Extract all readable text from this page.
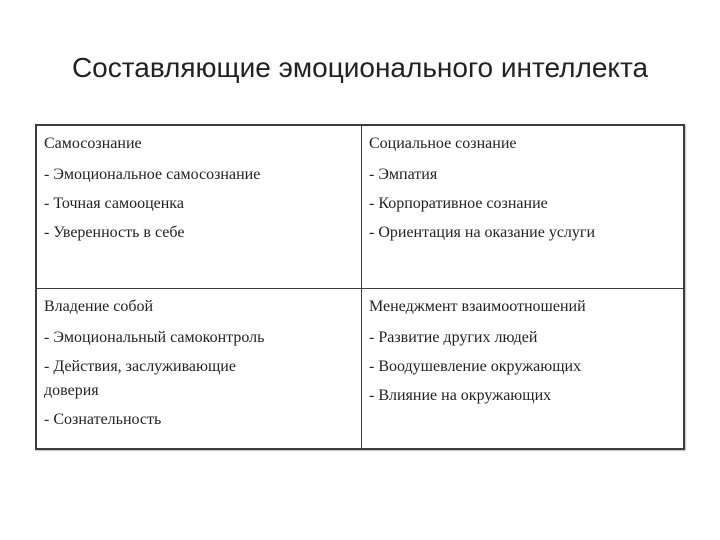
Составляющие эмоционального интеллекта
Самосознание
- Эмоциональное самосознание
- Точная самооценка
- Уверенность в себе
Социальное сознание
- Эмпатия
- Корпоративное сознание
- Ориентация на оказание услуги
Владение собой
- Эмоциональный самоконтроль
- Действия, заслуживающие доверия
- Сознательность
Менеджмент взаимоотношений
- Развитие других людей
- Воодушевление окружающих
- Влияние на окружающих
